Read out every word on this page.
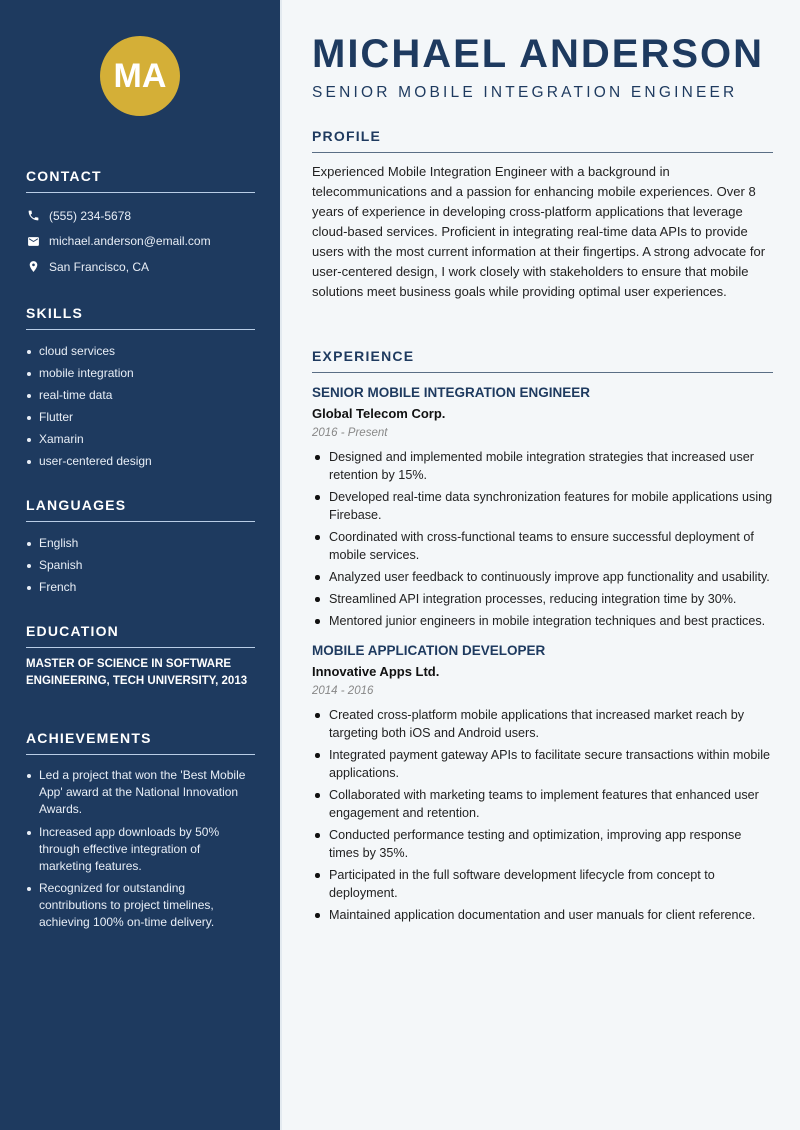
MA
CONTACT
(555) 234-5678
michael.anderson@email.com
San Francisco, CA
SKILLS
cloud services
mobile integration
real-time data
Flutter
Xamarin
user-centered design
LANGUAGES
English
Spanish
French
EDUCATION
MASTER OF SCIENCE IN SOFTWARE ENGINEERING, TECH UNIVERSITY, 2013
ACHIEVEMENTS
Led a project that won the 'Best Mobile App' award at the National Innovation Awards.
Increased app downloads by 50% through effective integration of marketing features.
Recognized for outstanding contributions to project timelines, achieving 100% on-time delivery.
MICHAEL ANDERSON
SENIOR MOBILE INTEGRATION ENGINEER
PROFILE

Experienced Mobile Integration Engineer with a background in telecommunications and a passion for enhancing mobile experiences. Over 8 years of experience in developing cross-platform applications that leverage cloud-based services. Proficient in integrating real-time data APIs to provide users with the most current information at their fingertips. A strong advocate for user-centered design, I work closely with stakeholders to ensure that mobile solutions meet business goals while providing optimal user experiences.

EXPERIENCE
SENIOR MOBILE INTEGRATION ENGINEER
Global Telecom Corp.
2016 - Present
Designed and implemented mobile integration strategies that increased user retention by 15%.
Developed real-time data synchronization features for mobile applications using Firebase.
Coordinated with cross-functional teams to ensure successful deployment of mobile services.
Analyzed user feedback to continuously improve app functionality and usability.
Streamlined API integration processes, reducing integration time by 30%.
Mentored junior engineers in mobile integration techniques and best practices.
MOBILE APPLICATION DEVELOPER
Innovative Apps Ltd.
2014 - 2016
Created cross-platform mobile applications that increased market reach by targeting both iOS and Android users.
Integrated payment gateway APIs to facilitate secure transactions within mobile applications.
Collaborated with marketing teams to implement features that enhanced user engagement and retention.
Conducted performance testing and optimization, improving app response times by 35%.
Participated in the full software development lifecycle from concept to deployment.
Maintained application documentation and user manuals for client reference.
